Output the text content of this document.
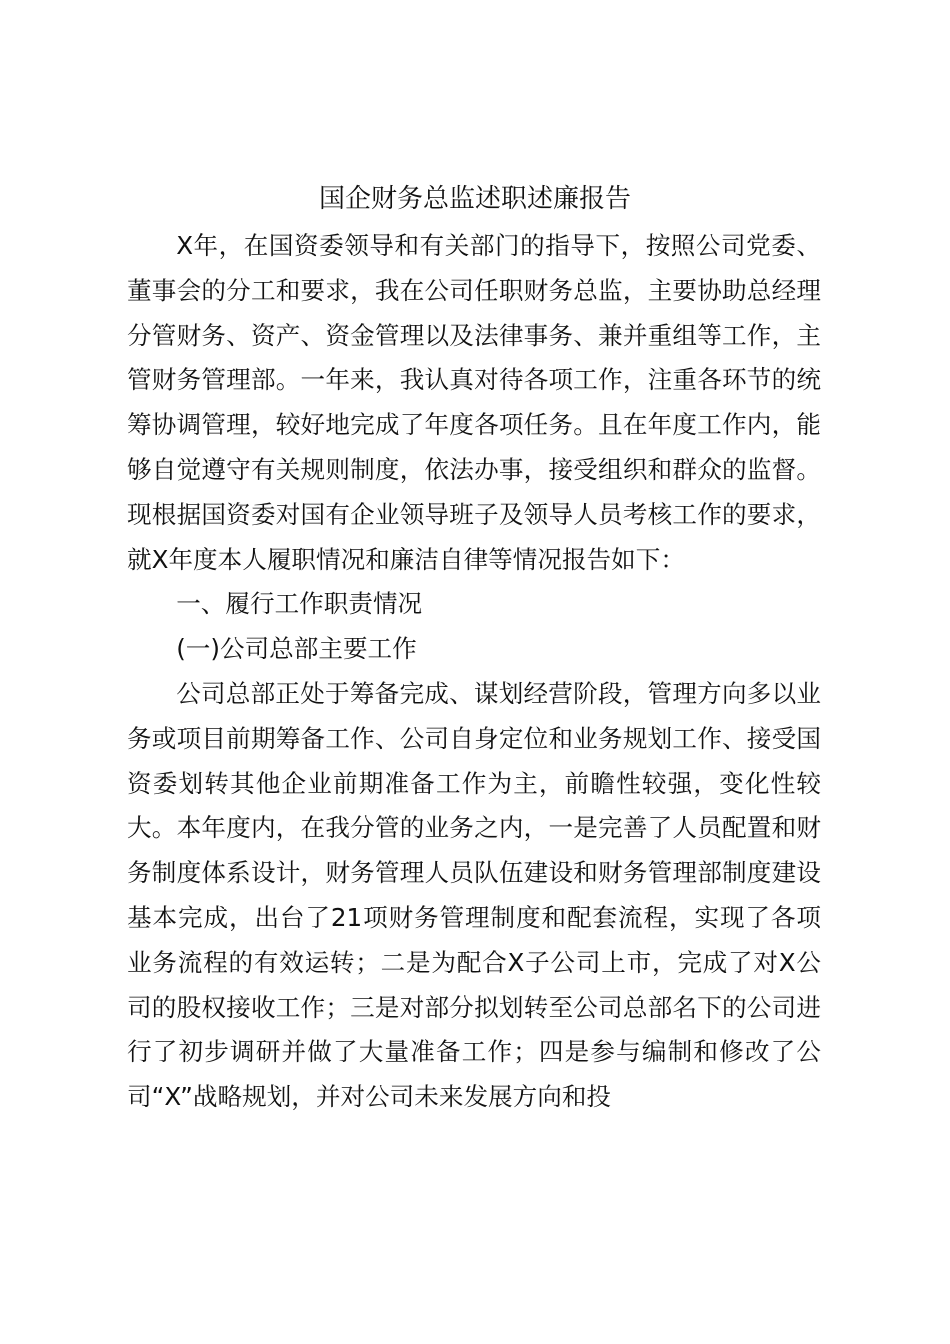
国企财务总监述职述廉报告

X年，在国资委领导和有关部门的指导下，按照公司党委、董事会的分工和要求，我在公司任职财务总监，主要协助总经理分管财务、资产、资金管理以及法律事务、兼并重组等工作，主管财务管理部。一年来，我认真对待各项工作，注重各环节的统筹协调管理，较好地完成了年度各项任务。且在年度工作内，能够自觉遵守有关规则制度，依法办事，接受组织和群众的监督。现根据国资委对国有企业领导班子及领导人员考核工作的要求，就X年度本人履职情况和廉洁自律等情况报告如下：

一、履行工作职责情况

(一)公司总部主要工作

公司总部正处于筹备完成、谋划经营阶段，管理方向多以业务或项目前期筹备工作、公司自身定位和业务规划工作、接受国资委划转其他企业前期准备工作为主，前瞻性较强，变化性较大。本年度内，在我分管的业务之内，一是完善了人员配置和财务制度体系设计，财务管理人员队伍建设和财务管理部制度建设基本完成，出台了21项财务管理制度和配套流程，实现了各项业务流程的有效运转；二是为配合X子公司上市，完成了对X公司的股权接收工作；三是对部分拟划转至公司总部名下的公司进行了初步调研并做了大量准备工作；四是参与编制和修改了公司“X”战略规划，并对公司未来发展方向和投
